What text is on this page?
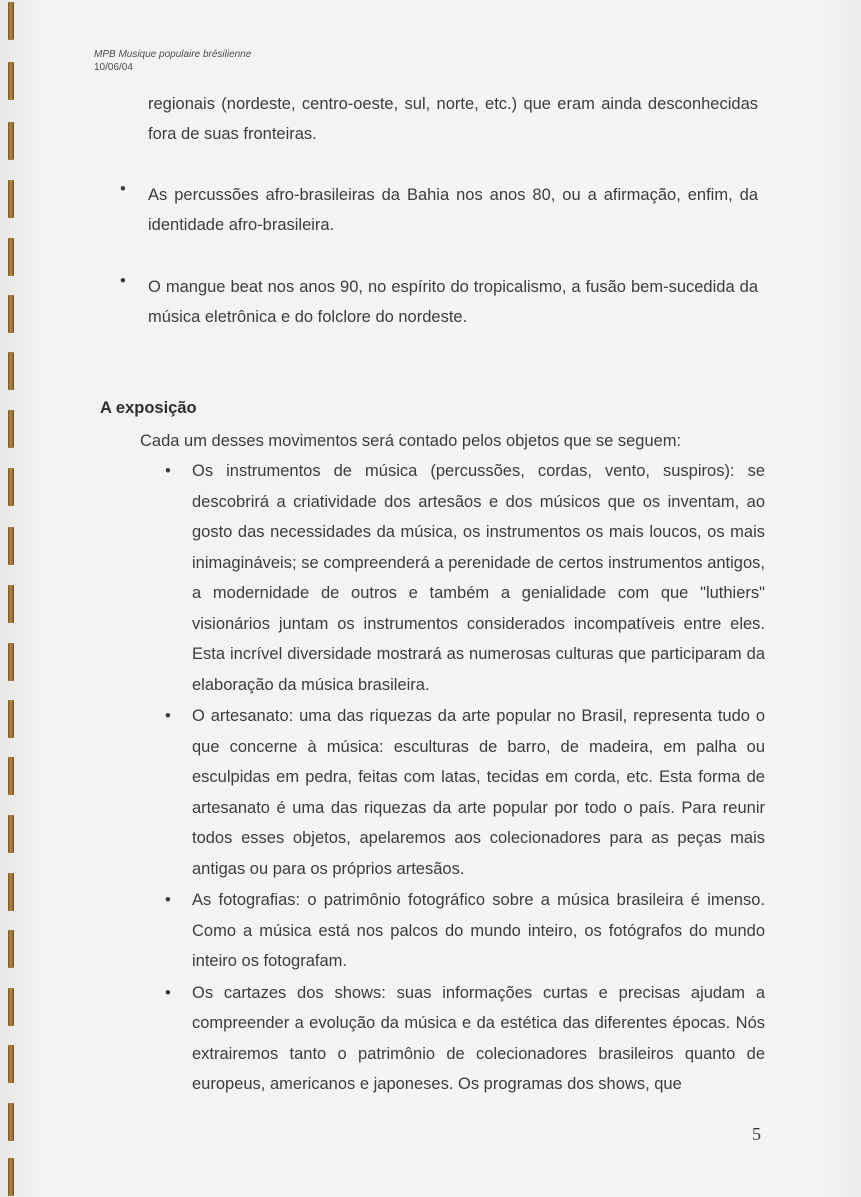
MPB Musique populaire brésilienne
10/06/04
regionais (nordeste, centro-oeste, sul, norte, etc.) que eram ainda desconhecidas fora de suas fronteiras.
• As percussões afro-brasileiras da Bahia nos anos 80, ou a afirmação, enfim, da identidade afro-brasileira.
• O mangue beat nos anos 90, no espírito do tropicalismo, a fusão bem-sucedida da música eletrônica e do folclore do nordeste.
A exposição
Cada um desses movimentos será contado pelos objetos que se seguem:
•	Os instrumentos de música (percussões, cordas, vento, suspiros): se descobrirá a criatividade dos artesãos e dos músicos que os inventam, ao gosto das necessidades da música, os instrumentos os mais loucos, os mais inimagináveis; se compreenderá a perenidade de certos instrumentos antigos, a modernidade de outros e também a genialidade com que "luthiers" visionários juntam os instrumentos considerados incompatíveis entre eles. Esta incrível diversidade mostrará as numerosas culturas que participaram da elaboração da música brasileira.
•	O artesanato: uma das riquezas da arte popular no Brasil, representa tudo o que concerne à música: esculturas de barro, de madeira, em palha ou esculpidas em pedra, feitas com latas, tecidas em corda, etc. Esta forma de artesanato é uma das riquezas da arte popular por todo o país. Para reunir todos esses objetos, apelaremos aos colecionadores para as peças mais antigas ou para os próprios artesãos.
•	As fotografias: o patrimônio fotográfico sobre a música brasileira é imenso. Como a música está nos palcos do mundo inteiro, os fotógrafos do mundo inteiro os fotografam.
•	Os cartazes dos shows: suas informações curtas e precisas ajudam a compreender a evolução da música e da estética das diferentes épocas. Nós extrairemos tanto o patrimônio de colecionadores brasileiros quanto de europeus, americanos e japoneses. Os programas dos shows, que
5
